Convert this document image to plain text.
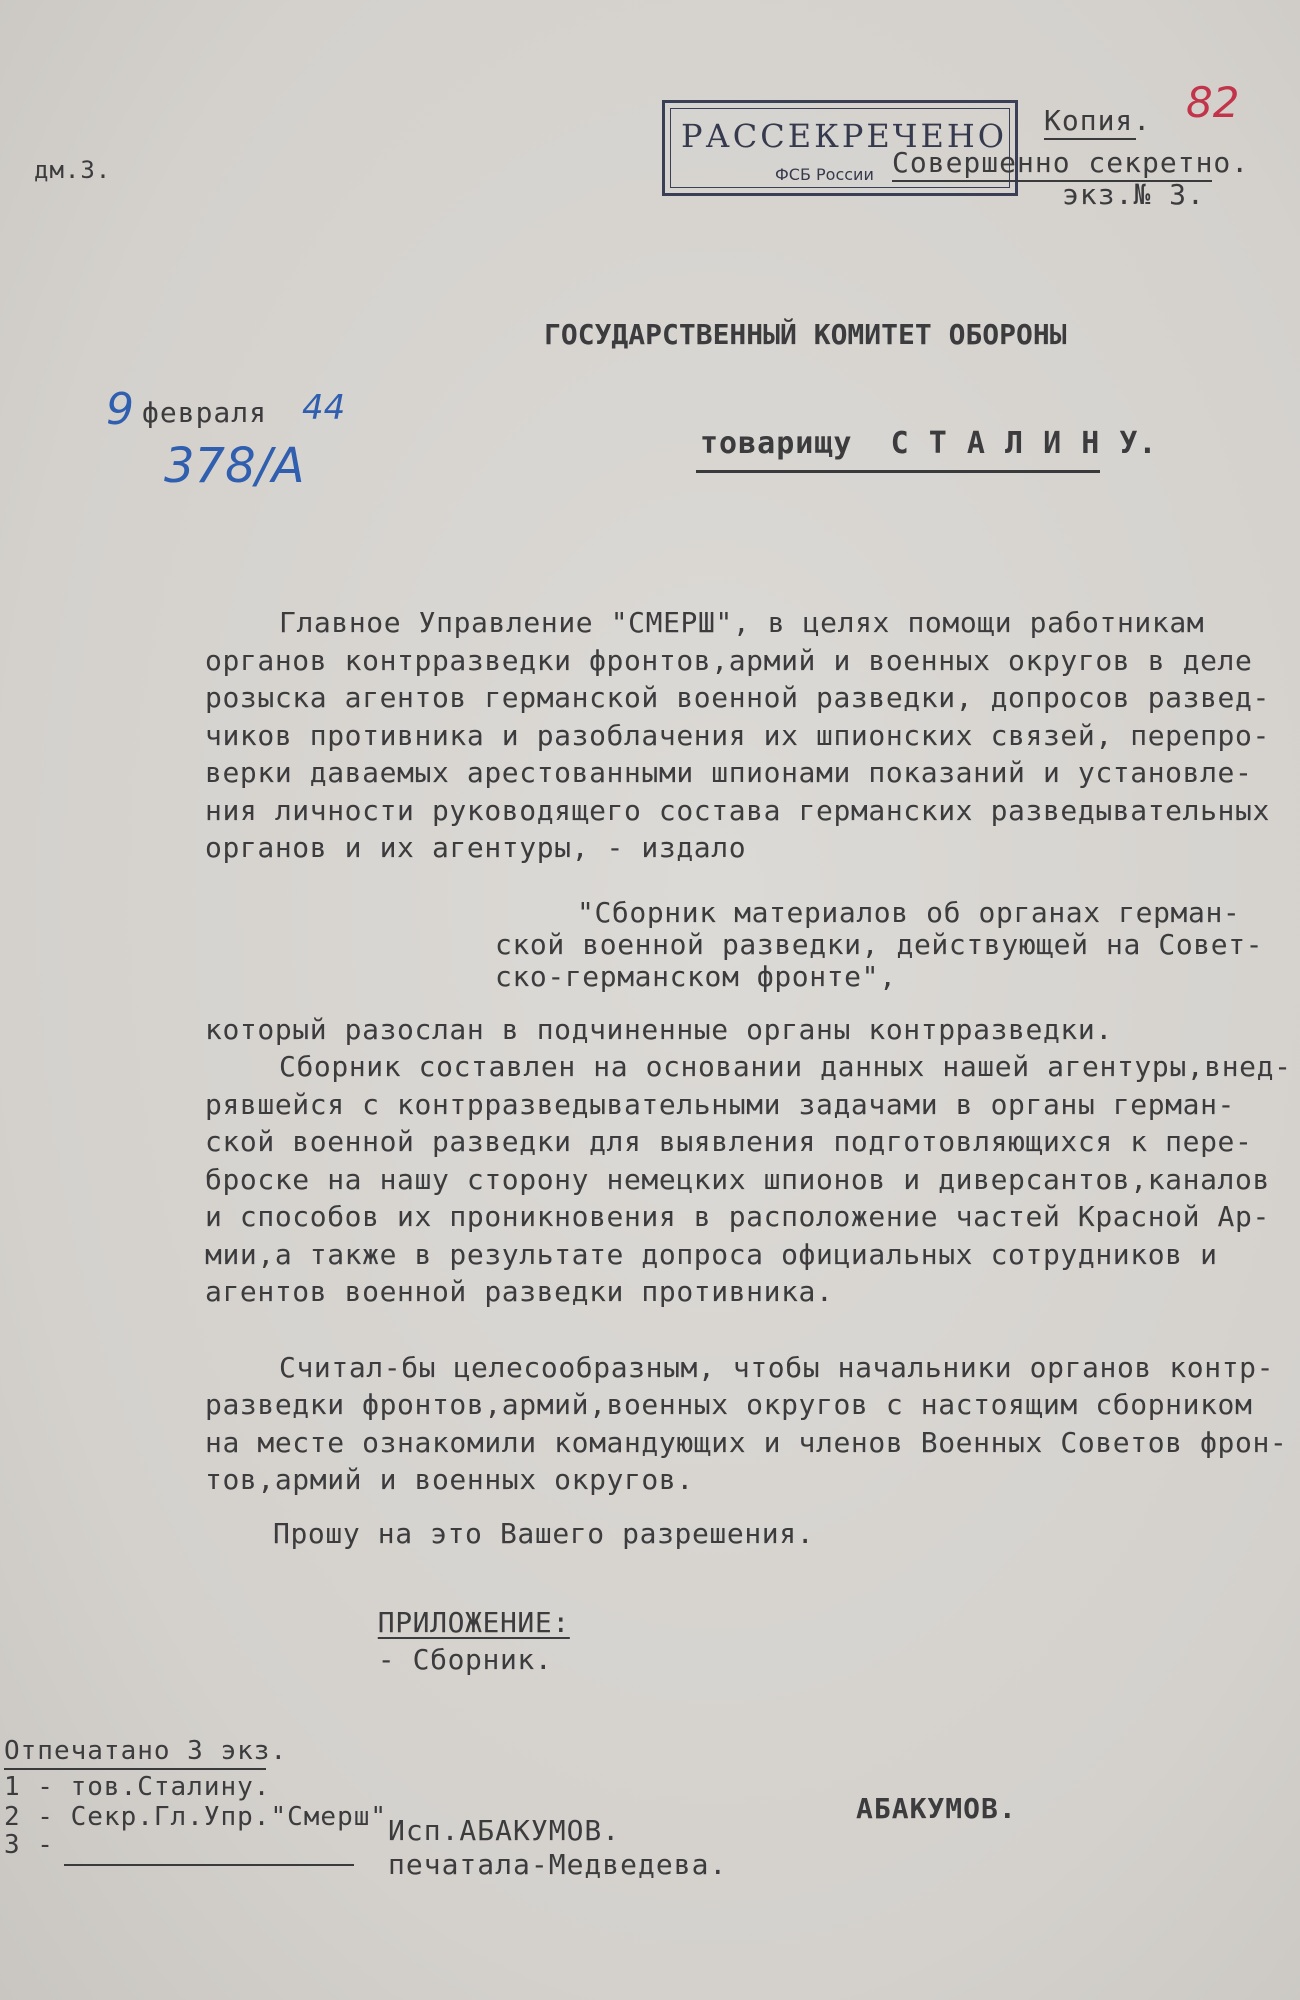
дм.3.
РАССЕКРЕЧЕНО
ФСБ России
Копия. 82
Совершенно секретно.
экз.№ 3.
ГОСУДАРСТВЕННЫЙ КОМИТЕТ ОБОРОНЫ
9 февраля 44
378/А	товарищу  С Т А Л И Н У.
Главное Управление "СМЕРШ", в целях помощи работникам
органов контрразведки фронтов,армий и военных округов в деле
розыска агентов германской военной разведки, допросов развед-
чиков противника и разоблачения их шпионских связей, перепро-
верки даваемых арестованными шпионами показаний и установле-
ния личности руководящего состава германских разведывательных
органов и их агентуры, - издало
"Сборник материалов об органах герман-
ской военной разведки, действующей на Совет-
ско-германском фронте",
который разослан в подчиненные органы контрразведки.
Сборник составлен на основании данных нашей агентуры,внед-
рявшейся с контрразведывательными задачами в органы герман-
ской военной разведки для выявления подготовляющихся к пере-
броске на нашу сторону немецких шпионов и диверсантов,каналов
и способов их проникновения в расположение частей Красной Ар-
мии,а также в результате допроса официальных сотрудников и
агентов военной разведки противника.
Считал-бы целесообразным, чтобы начальники органов контр-
разведки фронтов,армий,военных округов с настоящим сборником
на месте ознакомили командующих и членов Военных Советов фрон-
тов,армий и военных округов.
Прошу на это Вашего разрешения.

ПРИЛОЖЕНИЕ:
- Сборник.

Отпечатано 3 экз.
1 - тов.Сталину.
2 - Секр.Гл.Упр."Смерш"
3 -	Исп.АБАКУМОВ.
печатала-Медведева.
АБАКУМОВ.
